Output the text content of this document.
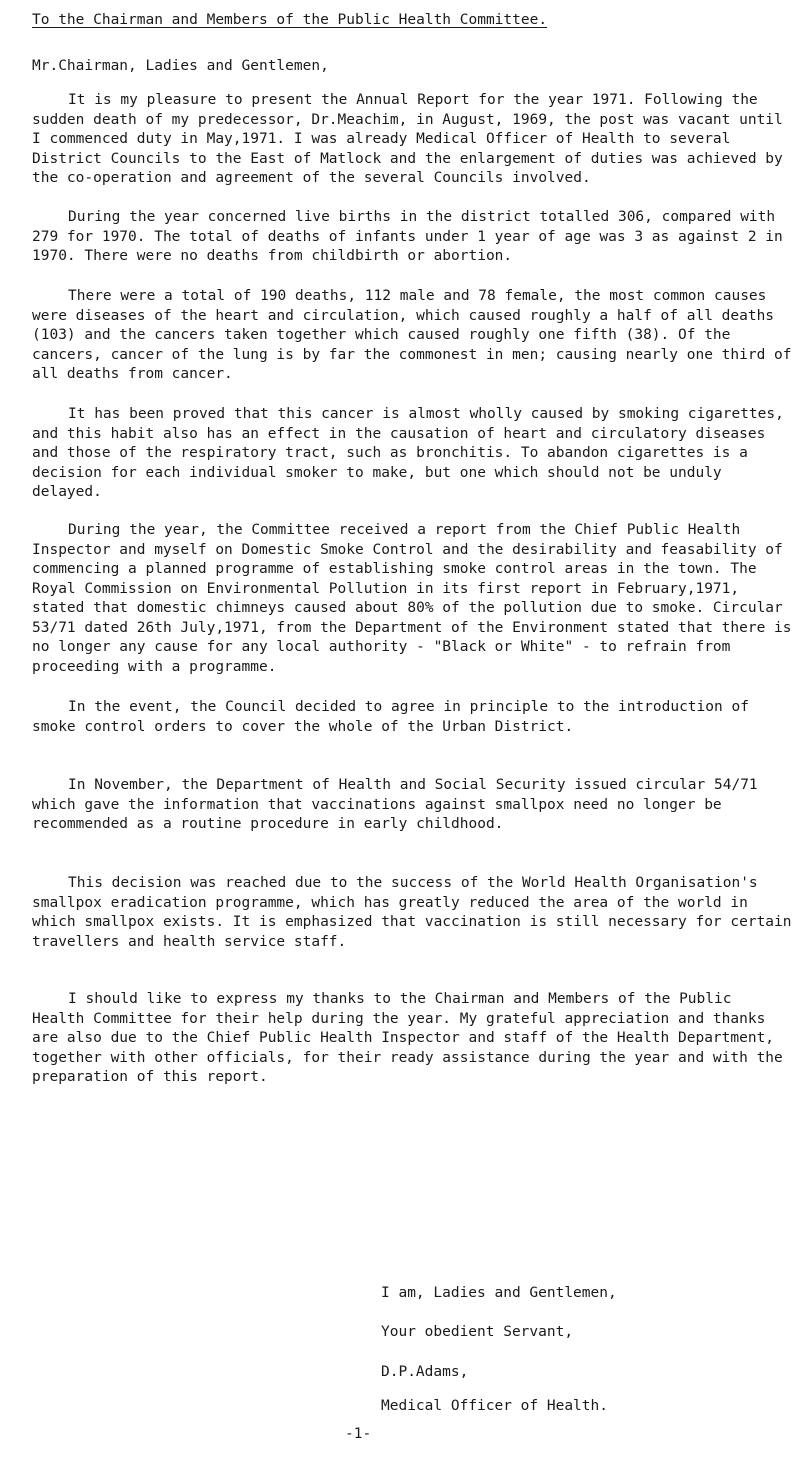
To the Chairman and Members of the Public Health Committee.
Mr.Chairman, Ladies and Gentlemen,

It is my pleasure to present the Annual Report for the year 1971. Following the sudden death of my predecessor, Dr.Meachim, in August, 1969, the post was vacant until I commenced duty in May,1971. I was already Medical Officer of Health to several District Councils to the East of Matlock and the enlargement of duties was achieved by the co-operation and agreement of the several Councils involved.

During the year concerned live births in the district totalled 306, compared with 279 for 1970. The total of deaths of infants under 1 year of age was 3 as against 2 in 1970. There were no deaths from childbirth or abortion.

There were a total of 190 deaths, 112 male and 78 female, the most common causes were diseases of the heart and circulation, which caused roughly a half of all deaths (103) and the cancers taken together which caused roughly one fifth (38). Of the cancers, cancer of the lung is by far the commonest in men; causing nearly one third of all deaths from cancer.

It has been proved that this cancer is almost wholly caused by smoking cigarettes, and this habit also has an effect in the causation of heart and circulatory diseases and those of the respiratory tract, such as bronchitis. To abandon cigarettes is a decision for each individual smoker to make, but one which should not be unduly delayed.

During the year, the Committee received a report from the Chief Public Health Inspector and myself on Domestic Smoke Control and the desirability and feasability of commencing a planned programme of establishing smoke control areas in the town. The Royal Commission on Environmental Pollution in its first report in February,1971, stated that domestic chimneys caused about 80% of the pollution due to smoke. Circular 53/71 dated 26th July,1971, from the Department of the Environment stated that there is no longer any cause for any local authority - "Black or White" - to refrain from proceeding with a programme.

In the event, the Council decided to agree in principle to the introduction of smoke control orders to cover the whole of the Urban District.

In November, the Department of Health and Social Security issued circular 54/71 which gave the information that vaccinations against smallpox need no longer be recommended as a routine procedure in early childhood.

This decision was reached due to the success of the World Health Organisation's smallpox eradication programme, which has greatly reduced the area of the world in which smallpox exists. It is emphasized that vaccination is still necessary for certain travellers and health service staff.

I should like to express my thanks to the Chairman and Members of the Public Health Committee for their help during the year. My grateful appreciation and thanks are also due to the Chief Public Health Inspector and staff of the Health Department, together with other officials, for their ready assistance during the year and with the preparation of this report.

I am, Ladies and Gentlemen,
Your obedient Servant,
D.P.Adams,
Medical Officer of Health.
-1-
